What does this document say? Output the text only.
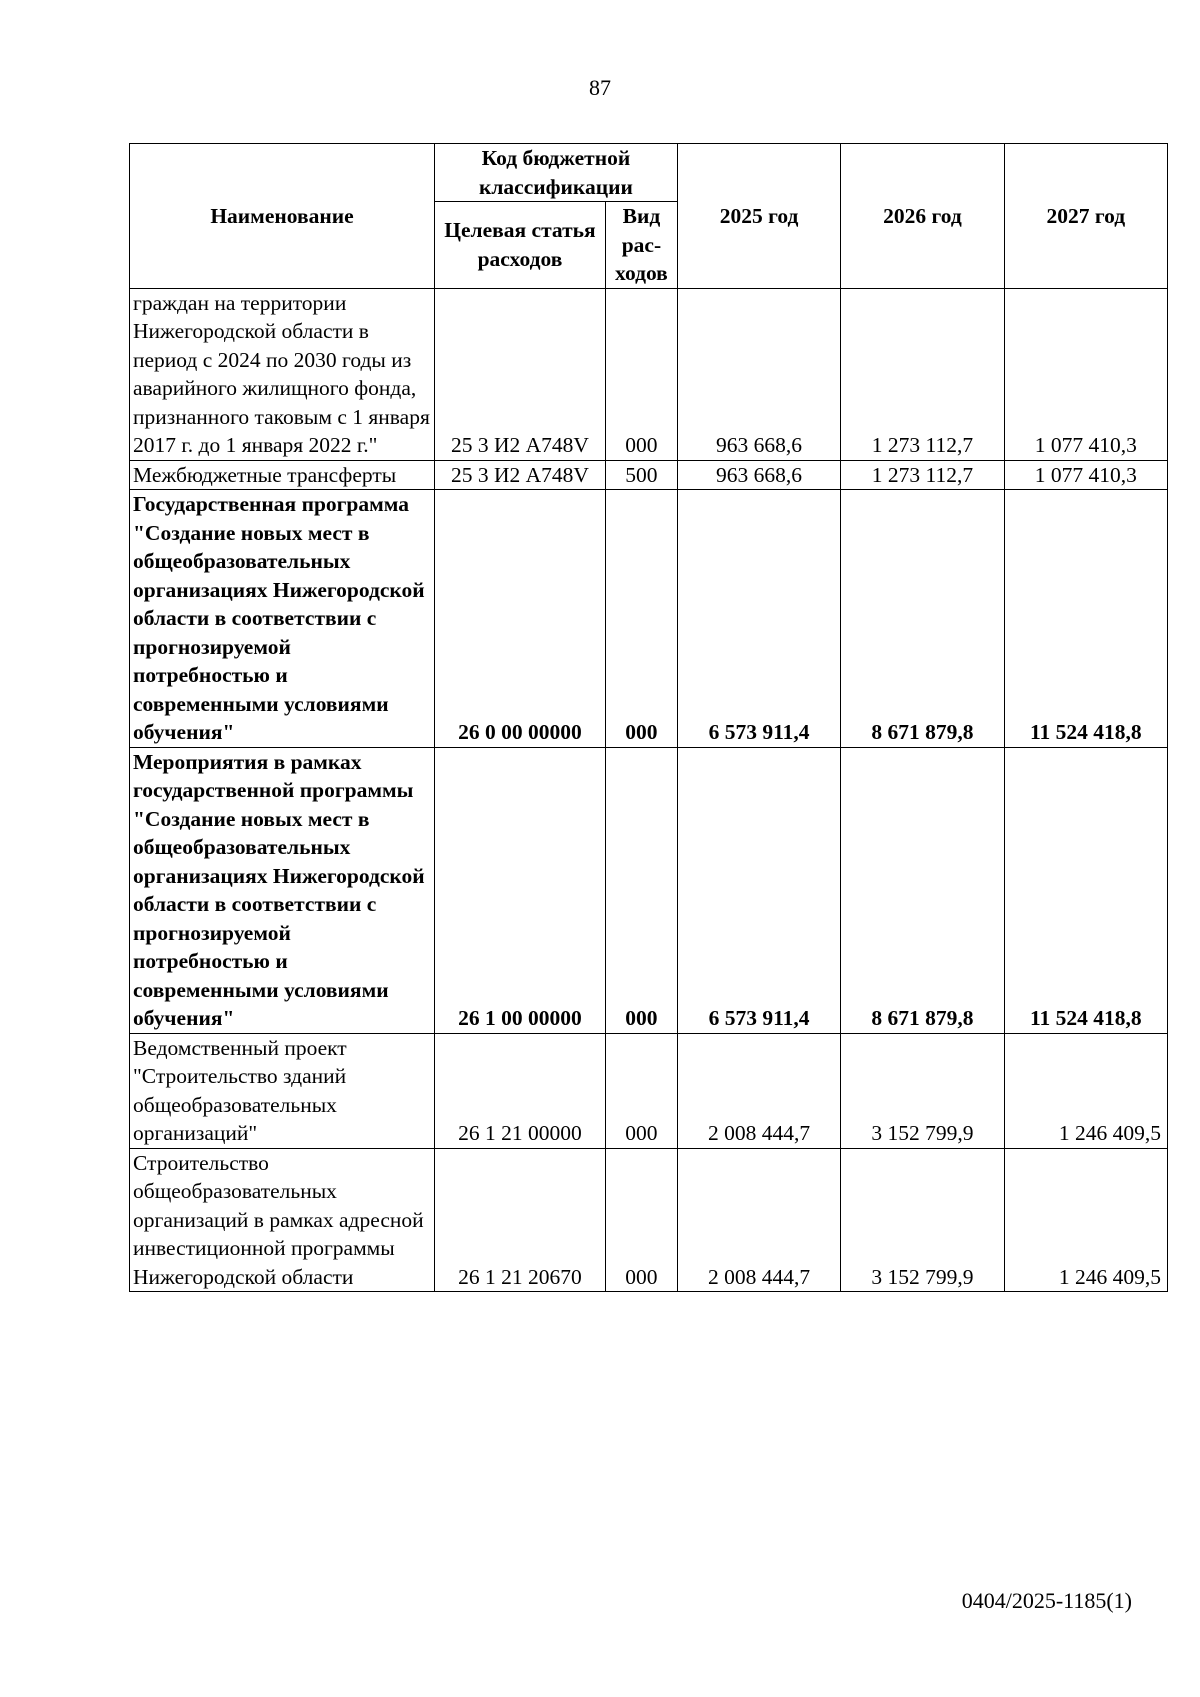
87
Наименование	Код бюджетной классификации		2025 год	2026 год	2027 год
	Целевая статья расходов	Вид рас-ходов			
граждан на территории Нижегородской области в период с 2024 по 2030 годы из аварийного жилищного фонда, признанного таковым с 1 января 2017 г. до 1 января 2022 г."	25 3 И2 А748V	000	963 668,6	1 273 112,7	1 077 410,3
Межбюджетные трансферты	25 3 И2 А748V	500	963 668,6	1 273 112,7	1 077 410,3
Государственная программа "Создание новых мест в общеобразовательных организациях Нижегородской области в соответствии с прогнозируемой потребностью и современными условиями обучения"	26 0 00 00000	000	6 573 911,4	8 671 879,8	11 524 418,8
Мероприятия в рамках государственной программы "Создание новых мест в общеобразовательных организациях Нижегородской области в соответствии с прогнозируемой потребностью и современными условиями обучения"	26 1 00 00000	000	6 573 911,4	8 671 879,8	11 524 418,8
Ведомственный проект "Строительство зданий общеобразовательных организаций"	26 1 21 00000	000	2 008 444,7	3 152 799,9	1 246 409,5
Строительство общеобразовательных организаций в рамках адресной инвестиционной программы Нижегородской области	26 1 21 20670	000	2 008 444,7	3 152 799,9	1 246 409,5
0404/2025-1185(1)
